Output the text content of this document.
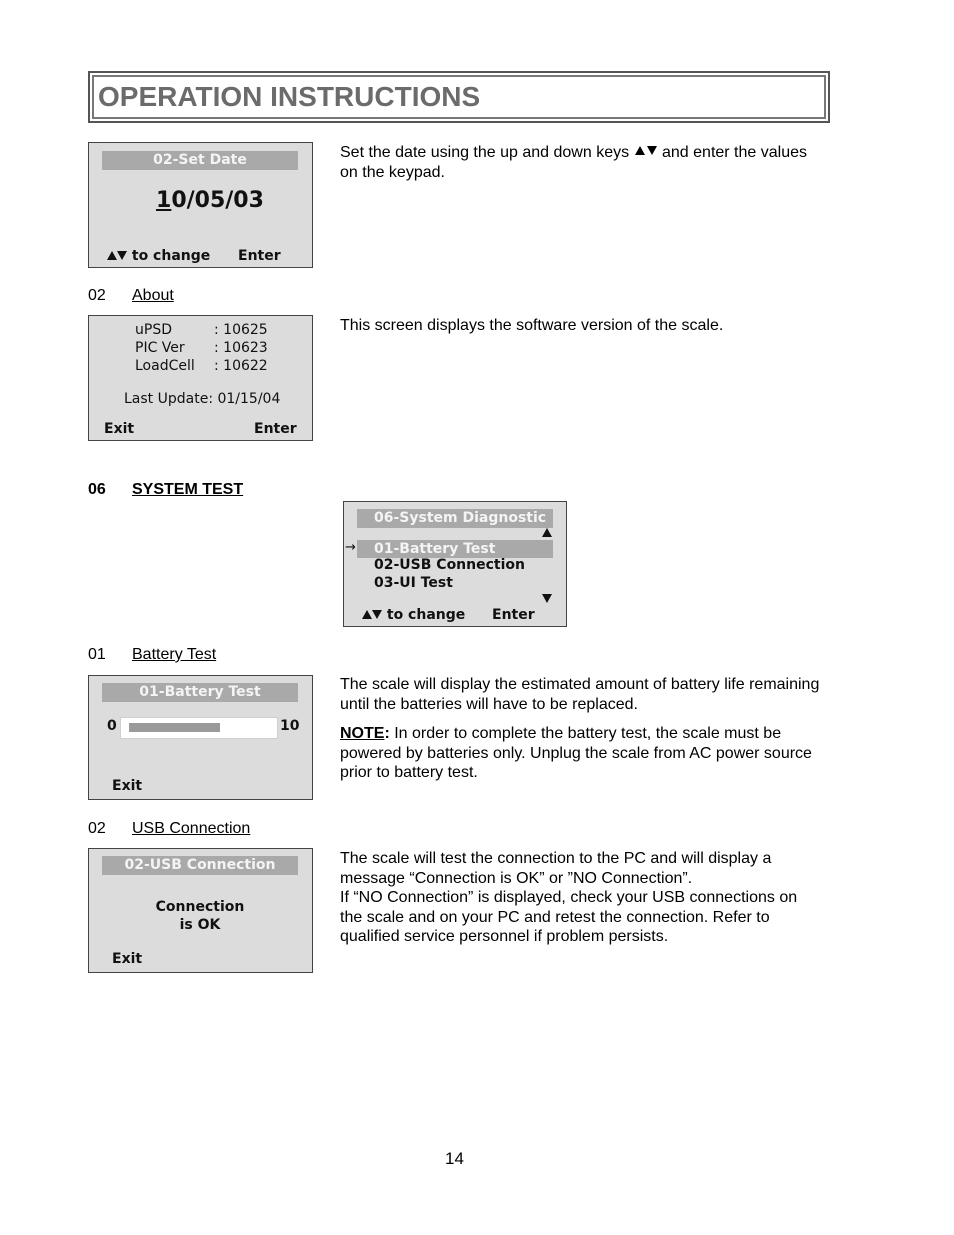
OPERATION INSTRUCTIONS
02-Set Date
10/05/03
to change Enter
Set the date using the up and down keys and enter the values on the keypad.
02 About
uPSD	: 10625
PIC Ver : 10623
LoadCell : 10622
Last Update: 01/15/04
Exit	Enter
This screen displays the software version of the scale.
06 SYSTEM TEST
06-System Diagnostic
→	01-Battery Test
02-USB Connection
03-UI Test
to change Enter
01 Battery Test
01-Battery Test
0	10
Exit

The scale will display the estimated amount of battery life remaining until the batteries will have to be replaced.

NOTE: In order to complete the battery test, the scale must be powered by batteries only. Unplug the scale from AC power source prior to battery test.

02 USB Connection
02-USB Connection
Connection
is OK
Exit

The scale will test the connection to the PC and will display a message “Connection is OK” or ”NO Connection”.

If “NO Connection” is displayed, check your USB connections on the scale and on your PC and retest the connection. Refer to qualified service personnel if problem persists.

14
